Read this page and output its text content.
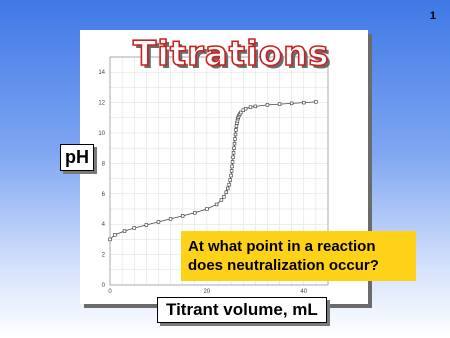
1
0
2
4
6
8
10
12
14
0	20	40
Titrations
pH
Titrant volume, mL
At what point in a reaction
does neutralization occur?
